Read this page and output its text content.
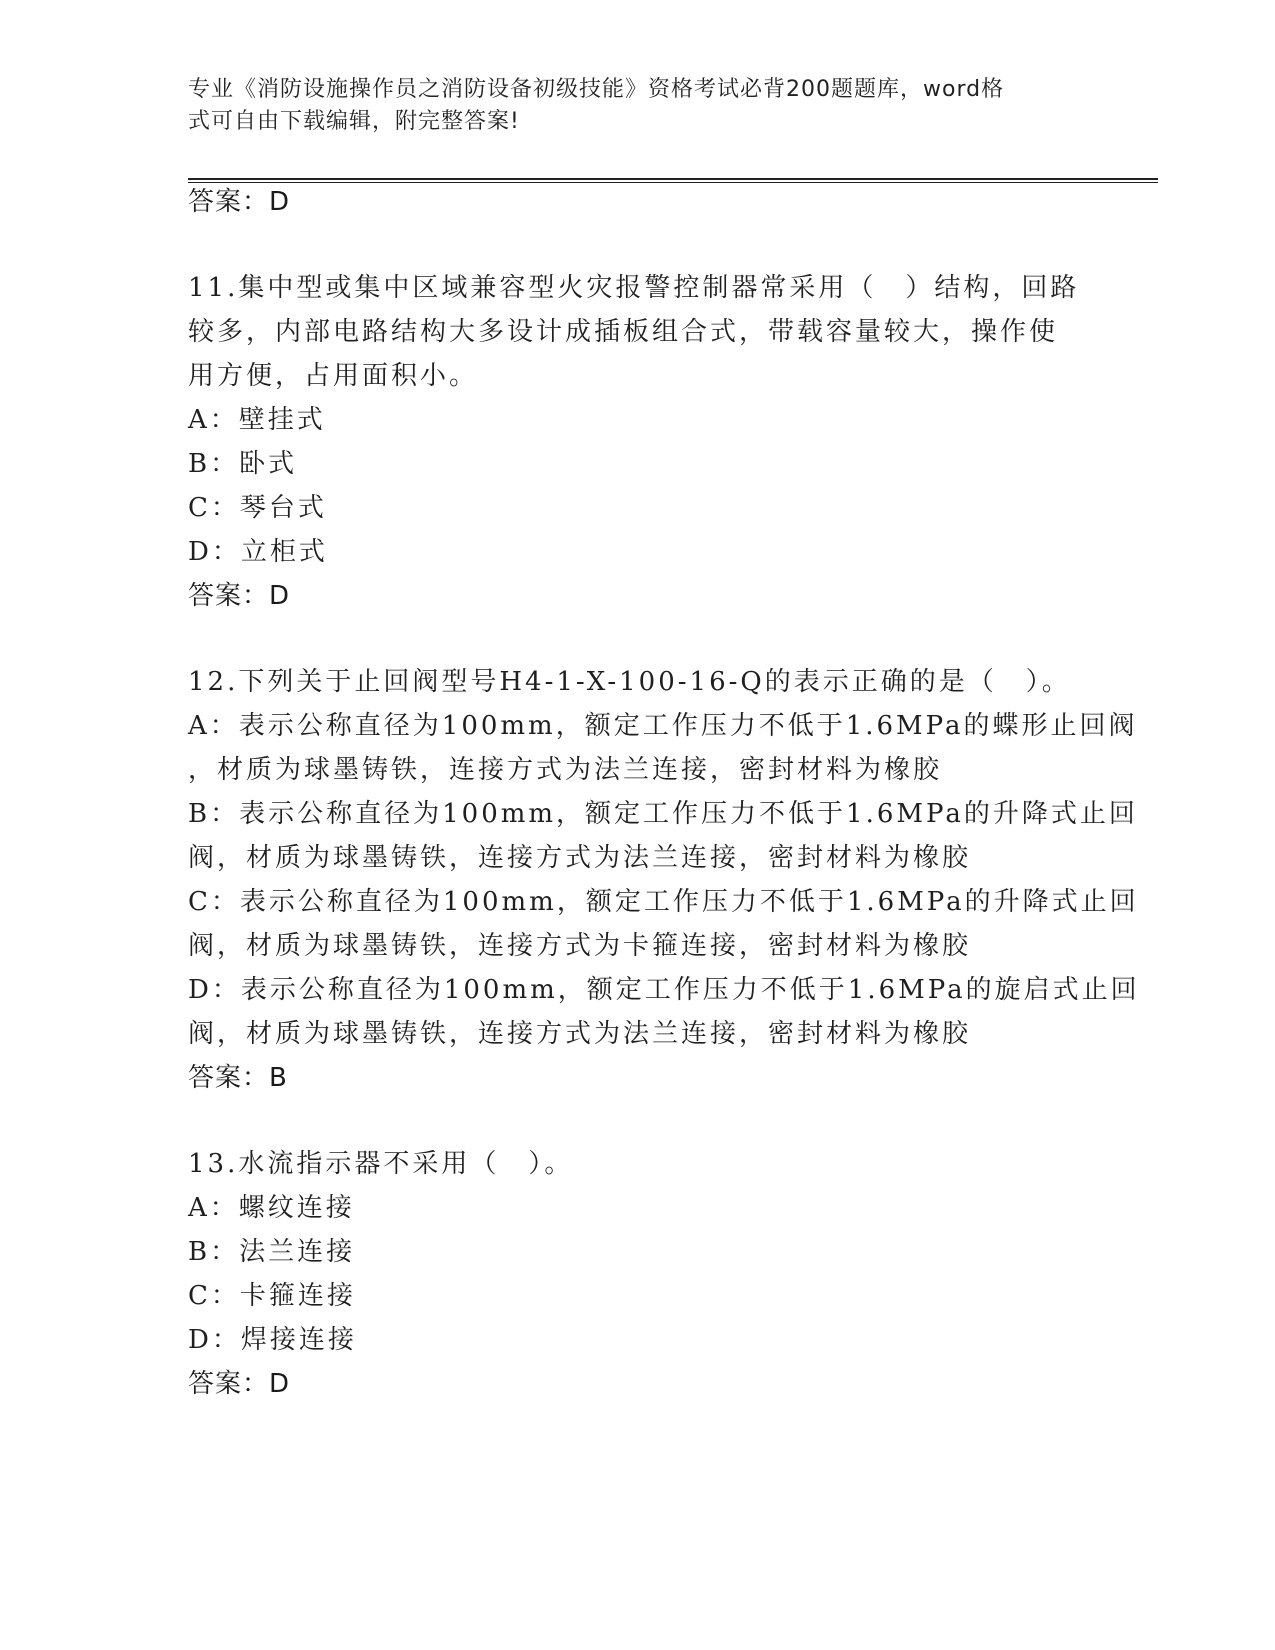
专业《消防设施操作员之消防设备初级技能》资格考试必背200题题库，word格
式可自由下载编辑，附完整答案!
答案：D
11.集中型或集中区域兼容型火灾报警控制器常采用（　）结构，回路
较多，内部电路结构大多设计成插板组合式，带载容量较大，操作使
用方便，占用面积小。
A：壁挂式
B：卧式
C：琴台式
D：立柜式
答案：D
12.下列关于止回阀型号H4-1-X-100-16-Q的表示正确的是（　）。
A：表示公称直径为100mm，额定工作压力不低于1.6MPa的蝶形止回阀
，材质为球墨铸铁，连接方式为法兰连接，密封材料为橡胶
B：表示公称直径为100mm，额定工作压力不低于1.6MPa的升降式止回
阀，材质为球墨铸铁，连接方式为法兰连接，密封材料为橡胶
C：表示公称直径为100mm，额定工作压力不低于1.6MPa的升降式止回
阀，材质为球墨铸铁，连接方式为卡箍连接，密封材料为橡胶
D：表示公称直径为100mm，额定工作压力不低于1.6MPa的旋启式止回
阀，材质为球墨铸铁，连接方式为法兰连接，密封材料为橡胶
答案：B
13.水流指示器不采用（　）。
A：螺纹连接
B：法兰连接
C：卡箍连接
D：焊接连接
答案：D
